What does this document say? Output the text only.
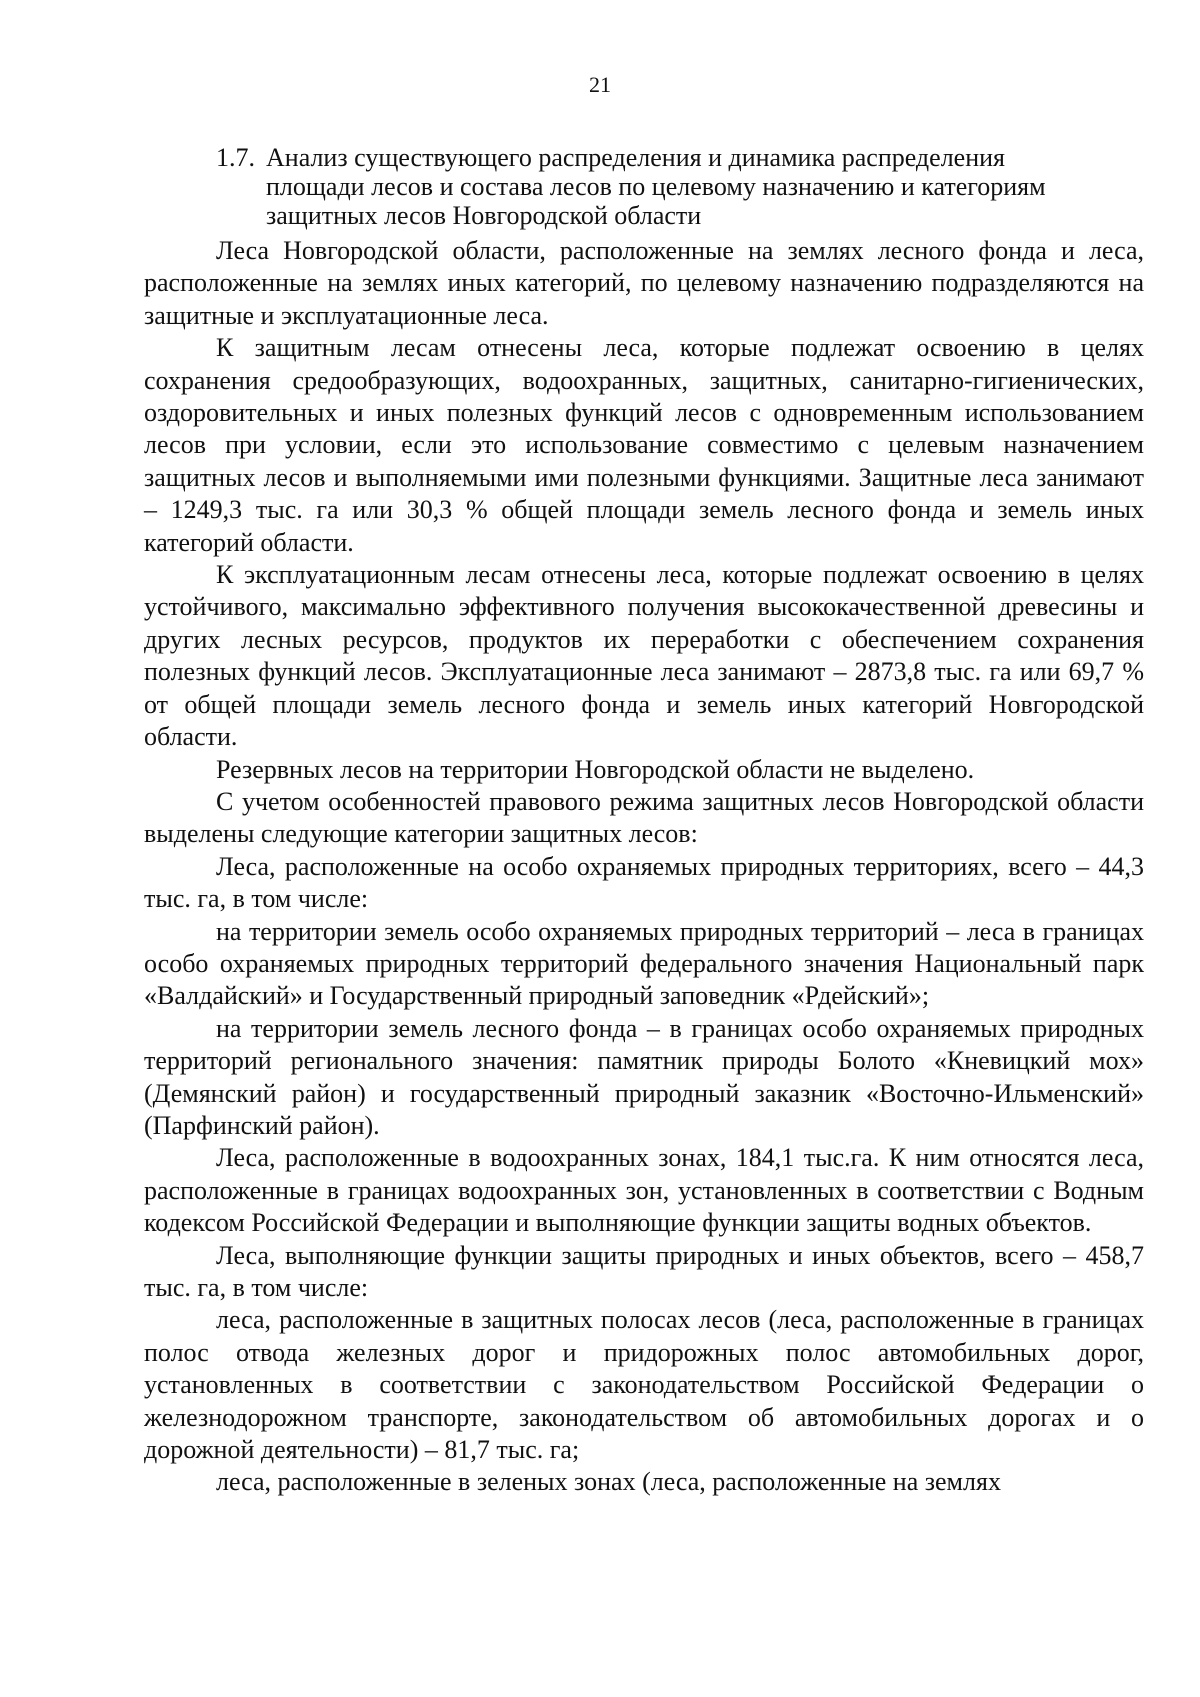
21
1.7. Анализ существующего распределения и динамика распределения
площади лесов и состава лесов по целевому назначению и категориям
защитных лесов Новгородской области

Леса Новгородской области, расположенные на землях лесного фонда и леса, расположенные на землях иных категорий, по целевому назначению подразделяются на защитные и эксплуатационные леса.

К защитным лесам отнесены леса, которые подлежат освоению в целях сохранения средообразующих, водоохранных, защитных, санитарно-гигиенических, оздоровительных и иных полезных функций лесов с одновременным использованием лесов при условии, если это использование совместимо с целевым назначением защитных лесов и выполняемыми ими полезными функциями. Защитные леса занимают – 1249,3 тыс. га или 30,3 % общей площади земель лесного фонда и земель иных категорий области.

К эксплуатационным лесам отнесены леса, которые подлежат освоению в целях устойчивого, максимально эффективного получения высококачественной древесины и других лесных ресурсов, продуктов их переработки с обеспечением сохранения полезных функций лесов. Эксплуатационные леса занимают – 2873,8 тыс. га или 69,7 % от общей площади земель лесного фонда и земель иных категорий Новгородской области.

Резервных лесов на территории Новгородской области не выделено.

С учетом особенностей правового режима защитных лесов Новгородской области выделены следующие категории защитных лесов:

Леса, расположенные на особо охраняемых природных территориях, всего – 44,3 тыс. га, в том числе:

на территории земель особо охраняемых природных территорий – леса в границах особо охраняемых природных территорий федерального значения Национальный парк «Валдайский» и Государственный природный заповедник «Рдейский»;

на территории земель лесного фонда – в границах особо охраняемых природных территорий регионального значения: памятник природы Болото «Кневицкий мох» (Демянский район) и государственный природный заказник «Восточно-Ильменский» (Парфинский район).

Леса, расположенные в водоохранных зонах, 184,1 тыс.га. К ним относятся леса, расположенные в границах водоохранных зон, установленных в соответствии с Водным кодексом Российской Федерации и выполняющие функции защиты водных объектов.

Леса, выполняющие функции защиты природных и иных объектов, всего – 458,7 тыс. га, в том числе:

леса, расположенные в защитных полосах лесов (леса, расположенные в границах полос отвода железных дорог и придорожных полос автомобильных дорог, установленных в соответствии с законодательством Российской Федерации о железнодорожном транспорте, законодательством об автомобильных дорогах и о дорожной деятельности) – 81,7 тыс. га;

леса, расположенные в зеленых зонах (леса, расположенные на землях
